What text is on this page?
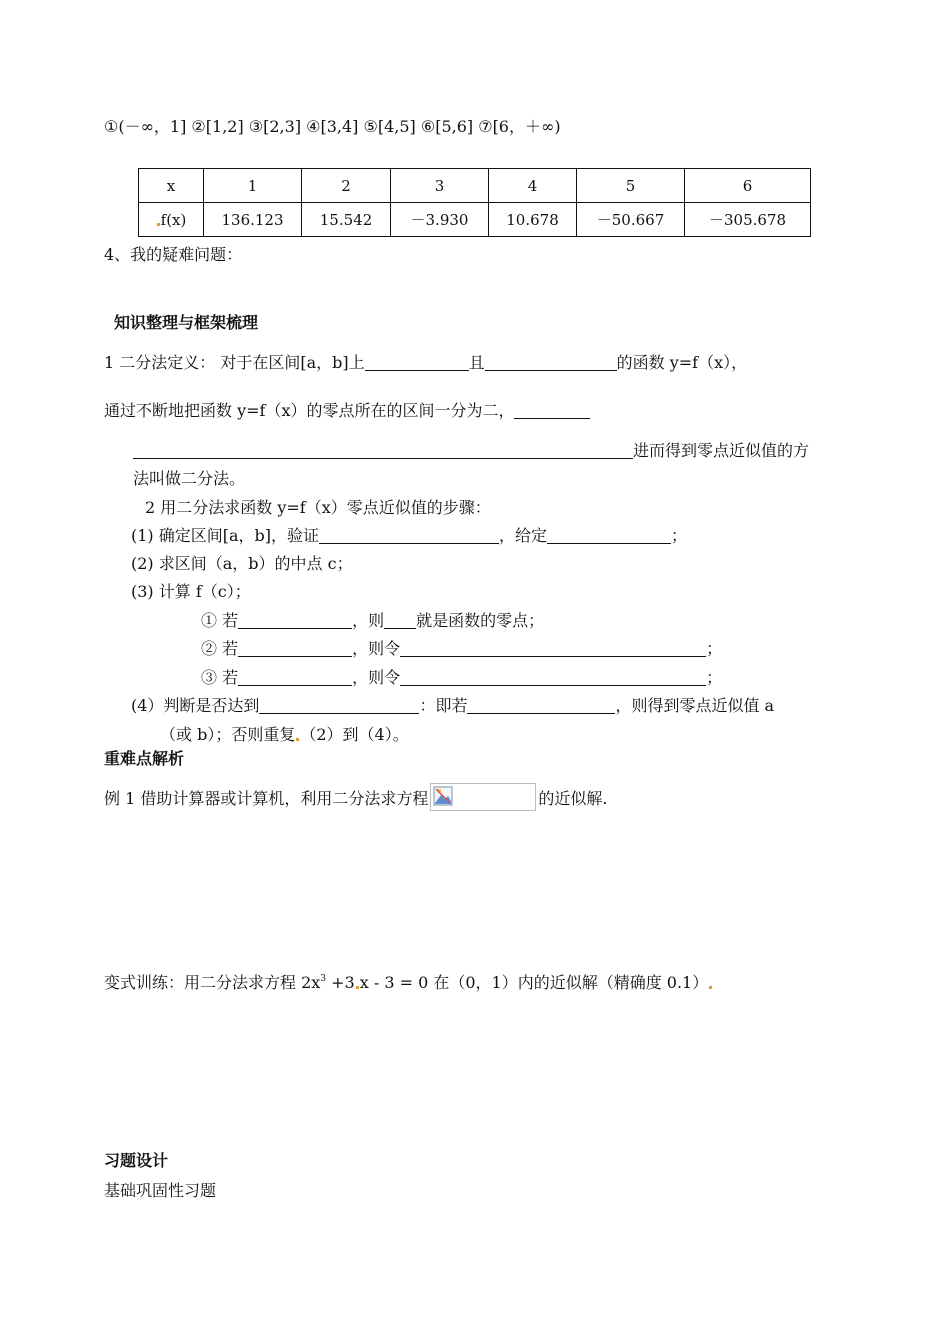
①(－∞，1] ②[1,2] ③[2,3] ④[3,4] ⑤[4,5] ⑥[5,6] ⑦[6，＋∞)
x	1	2	3	4	5	6
f(x)	136.123	15.542	－3.930	10.678	－50.667	－305.678
4、我的疑难问题：
知识整理与框架梳理
1 二分法定义： 对于在区间[a，b]上	且	的函数 y=f（x），
通过不断地把函数 y=f（x）的零点所在的区间一分为二，
进而得到零点近似值的方
法叫做二分法。
2 用二分法求函数 y=f（x）零点近似值的步骤：
(1) 确定区间[a，b]，验证	，给定	；
(2) 求区间（a，b）的中点 c；
(3) 计算 f（c）；
① 若	，则 就是函数的零点；
② 若	，则令	；
③ 若	，则令	；
(4）判断是否达到	：即若	，则得到零点近似值 a
（或 b）；否则重复 （2）到（4）。
重难点解析
例 1 借助计算器或计算机，利用二分法求方程	的近似解.
变式训练：用二分法求方程 $2x^3 +3$ x - 3 = 0 在（0，1）内的近似解（精确度 0.1）
习题设计
基础巩固性习题
